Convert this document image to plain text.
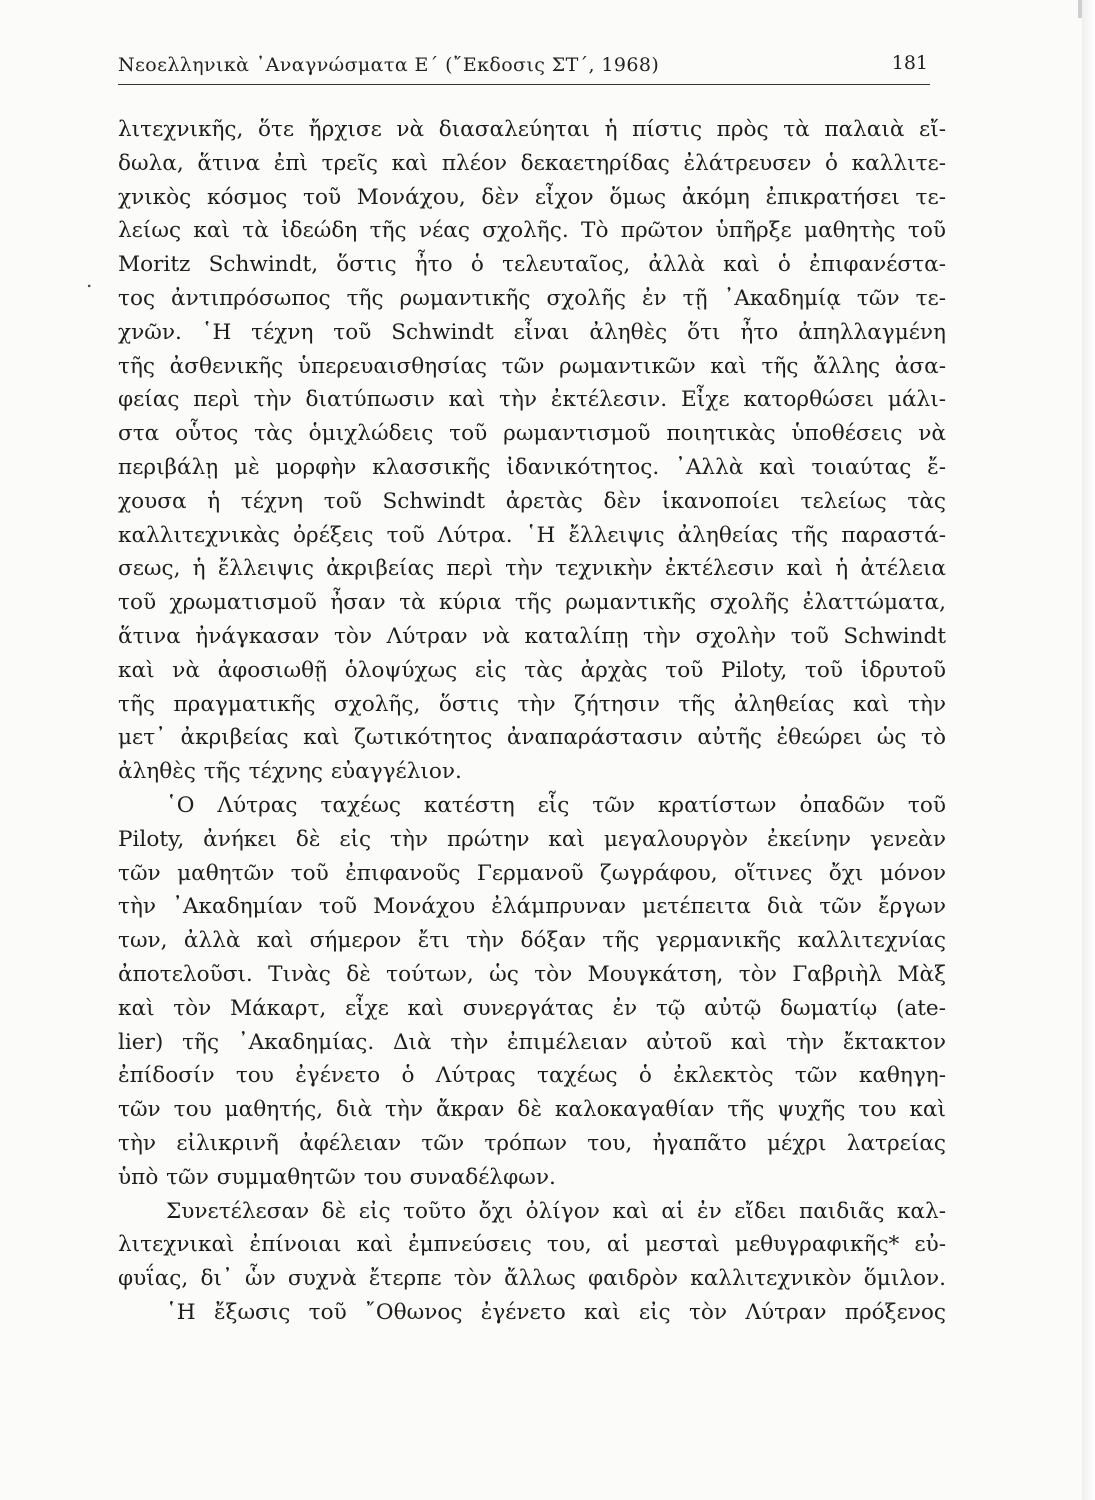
Νεοελληνικὰ ᾿Αναγνώσματα Ε΄ (῎Εκδοσις ΣΤ΄, 1968)	181
.
λιτεχνικῆς, ὅτε ἤρχισε νὰ διασαλεύηται ἡ πίστις πρὸς τὰ παλαιὰ εἴ-
δωλα, ἅτινα ἐπὶ τρεῖς καὶ πλέον δεκαετηρίδας ἐλάτρευσεν ὁ καλλιτε-
χνικὸς κόσμος τοῦ Μονάχου, δὲν εἶχον ὅμως ἀκόμη ἐπικρατήσει τε-
λείως καὶ τὰ ἰδεώδη τῆς νέας σχολῆς. Τὸ πρῶτον ὑπῆρξε μαθητὴς τοῦ
Moritz Schwindt, ὅστις ἦτο ὁ τελευταῖος, ἀλλὰ καὶ ὁ ἐπιφανέστα-
τος ἀντιπρόσωπος τῆς ρωμαντικῆς σχολῆς ἐν τῇ ᾿Ακαδημίᾳ τῶν τε-
χνῶν. ῾Η τέχνη τοῦ Schwindt εἶναι ἀληθὲς ὅτι ἦτο ἀπηλλαγμένη
τῆς ἀσθενικῆς ὑπερευαισθησίας τῶν ρωμαντικῶν καὶ τῆς ἄλλης ἀσα-
φείας περὶ τὴν διατύπωσιν καὶ τὴν ἐκτέλεσιν. Εἶχε κατορθώσει μάλι-
στα οὗτος τὰς ὁμιχλώδεις τοῦ ρωμαντισμοῦ ποιητικὰς ὑποθέσεις νὰ
περιβάλῃ μὲ μορφὴν κλασσικῆς ἰδανικότητος. ᾿Αλλὰ καὶ τοιαύτας ἔ-
χουσα ἡ τέχνη τοῦ Schwindt ἀρετὰς δὲν ἱκανοποίει τελείως τὰς
καλλιτεχνικὰς ὀρέξεις τοῦ Λύτρα. ῾Η ἔλλειψις ἀληθείας τῆς παραστά-
σεως, ἡ ἔλλειψις ἀκριβείας περὶ τὴν τεχνικὴν ἐκτέλεσιν καὶ ἡ ἀτέλεια
τοῦ χρωματισμοῦ ἦσαν τὰ κύρια τῆς ρωμαντικῆς σχολῆς ἐλαττώματα,
ἅτινα ἠνάγκασαν τὸν Λύτραν νὰ καταλίπῃ τὴν σχολὴν τοῦ Schwindt
καὶ νὰ ἀφοσιωθῇ ὁλοψύχως εἰς τὰς ἀρχὰς τοῦ Piloty, τοῦ ἱδρυτοῦ
τῆς πραγματικῆς σχολῆς, ὅστις τὴν ζήτησιν τῆς ἀληθείας καὶ τὴν
μετ᾿ ἀκριβείας καὶ ζωτικότητος ἀναπαράστασιν αὐτῆς ἐθεώρει ὡς τὸ
ἀληθὲς τῆς τέχνης εὐαγγέλιον.
῾Ο Λύτρας ταχέως κατέστη εἷς τῶν κρατίστων ὀπαδῶν τοῦ
Piloty, ἀνήκει δὲ εἰς τὴν πρώτην καὶ μεγαλουργὸν ἐκείνην γενεὰν
τῶν μαθητῶν τοῦ ἐπιφανοῦς Γερμανοῦ ζωγράφου, οἵτινες ὄχι μόνον
τὴν ᾿Ακαδημίαν τοῦ Μονάχου ἐλάμπρυναν μετέπειτα διὰ τῶν ἔργων
των, ἀλλὰ καὶ σήμερον ἔτι τὴν δόξαν τῆς γερμανικῆς καλλιτεχνίας
ἀποτελοῦσι. Τινὰς δὲ τούτων, ὡς τὸν Μουγκάτση, τὸν Γαβριὴλ Μὰξ
καὶ τὸν Μάκαρτ, εἶχε καὶ συνεργάτας ἐν τῷ αὐτῷ δωματίῳ (ate-
lier) τῆς ᾿Ακαδημίας. Διὰ τὴν ἐπιμέλειαν αὐτοῦ καὶ τὴν ἔκτακτον
ἐπίδοσίν του ἐγένετο ὁ Λύτρας ταχέως ὁ ἐκλεκτὸς τῶν καθηγη-
τῶν του μαθητής, διὰ τὴν ἄκραν δὲ καλοκαγαθίαν τῆς ψυχῆς του καὶ
τὴν εἰλικρινῆ ἀφέλειαν τῶν τρόπων του, ἠγαπᾶτο μέχρι λατρείας
ὑπὸ τῶν συμμαθητῶν του συναδέλφων.
Συνετέλεσαν δὲ εἰς τοῦτο ὄχι ὀλίγον καὶ αἱ ἐν εἴδει παιδιᾶς καλ-
λιτεχνικαὶ ἐπίνοιαι καὶ ἐμπνεύσεις του, αἱ μεσταὶ μεθυγραφικῆς* εὐ-
φυΐας, δι᾿ ὧν συχνὰ ἔτερπε τὸν ἄλλως φαιδρὸν καλλιτεχνικὸν ὅμιλον.
῾Η ἔξωσις τοῦ ῎Οθωνος ἐγένετο καὶ εἰς τὸν Λύτραν πρόξενος
